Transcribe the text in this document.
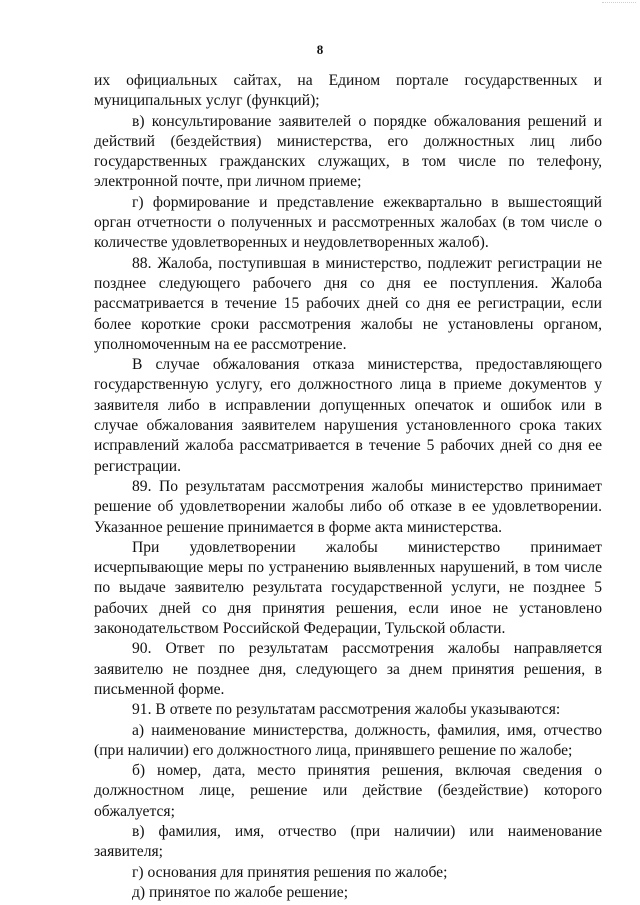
8

их официальных сайтах, на Едином портале государственных и муниципальных услуг (функций);

в) консультирование заявителей о порядке обжалования решений и действий (бездействия) министерства, его должностных лиц либо государственных гражданских служащих, в том числе по телефону, электронной почте, при личном приеме;

г) формирование и представление ежеквартально в вышестоящий орган отчетности о полученных и рассмотренных жалобах (в том числе о количестве удовлетворенных и неудовлетворенных жалоб).

88. Жалоба, поступившая в министерство, подлежит регистрации не позднее следующего рабочего дня со дня ее поступления. Жалоба рассматривается в течение 15 рабочих дней со дня ее регистрации, если более короткие сроки рассмотрения жалобы не установлены органом, уполномоченным на ее рассмотрение.

В случае обжалования отказа министерства, предоставляющего государственную услугу, его должностного лица в приеме документов у заявителя либо в исправлении допущенных опечаток и ошибок или в случае обжалования заявителем нарушения установленного срока таких исправлений жалоба рассматривается в течение 5 рабочих дней со дня ее регистрации.

89. По результатам рассмотрения жалобы министерство принимает решение об удовлетворении жалобы либо об отказе в ее удовлетворении. Указанное решение принимается в форме акта министерства.

При удовлетворении жалобы министерство принимает исчерпывающие меры по устранению выявленных нарушений, в том числе по выдаче заявителю результата государственной услуги, не позднее 5 рабочих дней со дня принятия решения, если иное не установлено законодательством Российской Федерации, Тульской области.

90. Ответ по результатам рассмотрения жалобы направляется заявителю не позднее дня, следующего за днем принятия решения, в письменной форме.

91. В ответе по результатам рассмотрения жалобы указываются:

а) наименование министерства, должность, фамилия, имя, отчество (при наличии) его должностного лица, принявшего решение по жалобе;

б) номер, дата, место принятия решения, включая сведения о должностном лице, решение или действие (бездействие) которого обжалуется;

в) фамилия, имя, отчество (при наличии) или наименование заявителя;

г) основания для принятия решения по жалобе;

д) принятое по жалобе решение;
